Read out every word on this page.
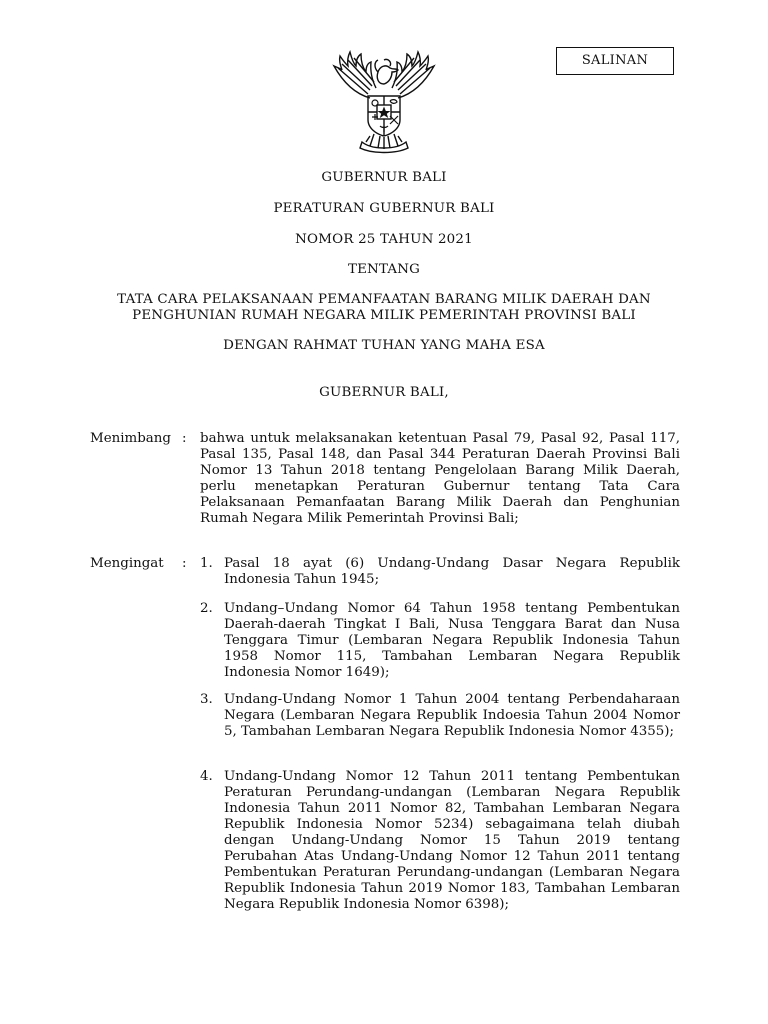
SALINAN
GUBERNUR BALI
PERATURAN GUBERNUR BALI
NOMOR 25 TAHUN 2021
TENTANG
TATA CARA PELAKSANAAN PEMANFAATAN BARANG MILIK DAERAH DAN
PENGHUNIAN RUMAH NEGARA MILIK PEMERINTAH PROVINSI BALI
DENGAN RAHMAT TUHAN YANG MAHA ESA
GUBERNUR BALI,
Menimbang : bahwa untuk melaksanakan ketentuan Pasal 79, Pasal 92, Pasal 117, Pasal 135, Pasal 148, dan Pasal 344 Peraturan Daerah Provinsi Bali Nomor 13 Tahun 2018 tentang Pengelolaan Barang Milik Daerah, perlu menetapkan Peraturan Gubernur tentang Tata Cara Pelaksanaan Pemanfaatan Barang Milik Daerah dan Penghunian Rumah Negara Milik Pemerintah Provinsi Bali;
Mengingat : 1. Pasal 18 ayat (6) Undang-Undang Dasar Negara Republik Indonesia Tahun 1945;
2. Undang–Undang Nomor 64 Tahun 1958 tentang Pembentukan Daerah-daerah Tingkat I Bali, Nusa Tenggara Barat dan Nusa Tenggara Timur (Lembaran Negara Republik Indonesia Tahun 1958 Nomor 115, Tambahan Lembaran Negara Republik Indonesia Nomor 1649);
3. Undang-Undang Nomor 1 Tahun 2004 tentang Perbendaharaan Negara (Lembaran Negara Republik Indoesia Tahun 2004 Nomor 5, Tambahan Lembaran Negara Republik Indonesia Nomor 4355);
4. Undang-Undang Nomor 12 Tahun 2011 tentang Pembentukan Peraturan Perundang-undangan (Lembaran Negara Republik Indonesia Tahun 2011 Nomor 82, Tambahan Lembaran Negara Republik Indonesia Nomor 5234) sebagaimana telah diubah dengan Undang-Undang Nomor 15 Tahun 2019 tentang Perubahan Atas Undang-Undang Nomor 12 Tahun 2011 tentang Pembentukan Peraturan Perundang-undangan (Lembaran Negara Republik Indonesia Tahun 2019 Nomor 183, Tambahan Lembaran Negara Republik Indonesia Nomor 6398);
